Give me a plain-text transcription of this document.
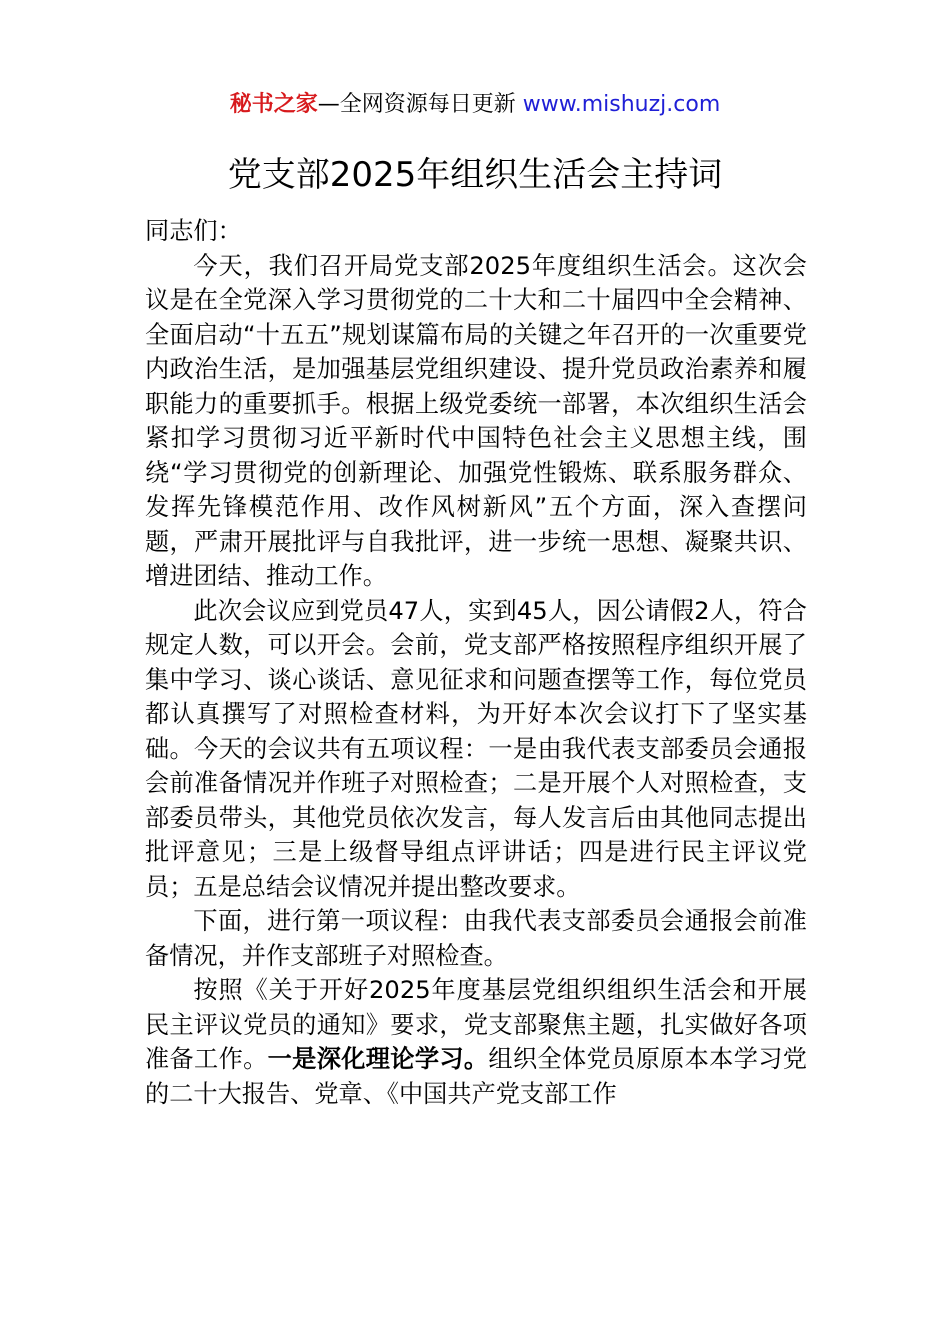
秘书之家—全网资源每日更新 www.mishuzj.com
党支部2025年组织生活会主持词

同志们：

今天，我们召开局党支部2025年度组织生活会。这次会议是在全党深入学习贯彻党的二十大和二十届四中全会精神、全面启动“十五五”规划谋篇布局的关键之年召开的一次重要党内政治生活，是加强基层党组织建设、提升党员政治素养和履职能力的重要抓手。根据上级党委统一部署，本次组织生活会紧扣学习贯彻习近平新时代中国特色社会主义思想主线，围绕“学习贯彻党的创新理论、加强党性锻炼、联系服务群众、发挥先锋模范作用、改作风树新风”五个方面，深入查摆问题，严肃开展批评与自我批评，进一步统一思想、凝聚共识、增进团结、推动工作。

此次会议应到党员47人，实到45人，因公请假2人，符合规定人数，可以开会。会前，党支部严格按照程序组织开展了集中学习、谈心谈话、意见征求和问题查摆等工作，每位党员都认真撰写了对照检查材料，为开好本次会议打下了坚实基础。今天的会议共有五项议程：一是由我代表支部委员会通报会前准备情况并作班子对照检查；二是开展个人对照检查，支部委员带头，其他党员依次发言，每人发言后由其他同志提出批评意见；三是上级督导组点评讲话；四是进行民主评议党员；五是总结会议情况并提出整改要求。

下面，进行第一项议程：由我代表支部委员会通报会前准备情况，并作支部班子对照检查。

按照《关于开好2025年度基层党组织组织生活会和开展民主评议党员的通知》要求，党支部聚焦主题，扎实做好各项准备工作。一是深化理论学习。组织全体党员原原本本学习党的二十大报告、党章、《中国共产党支部工作
